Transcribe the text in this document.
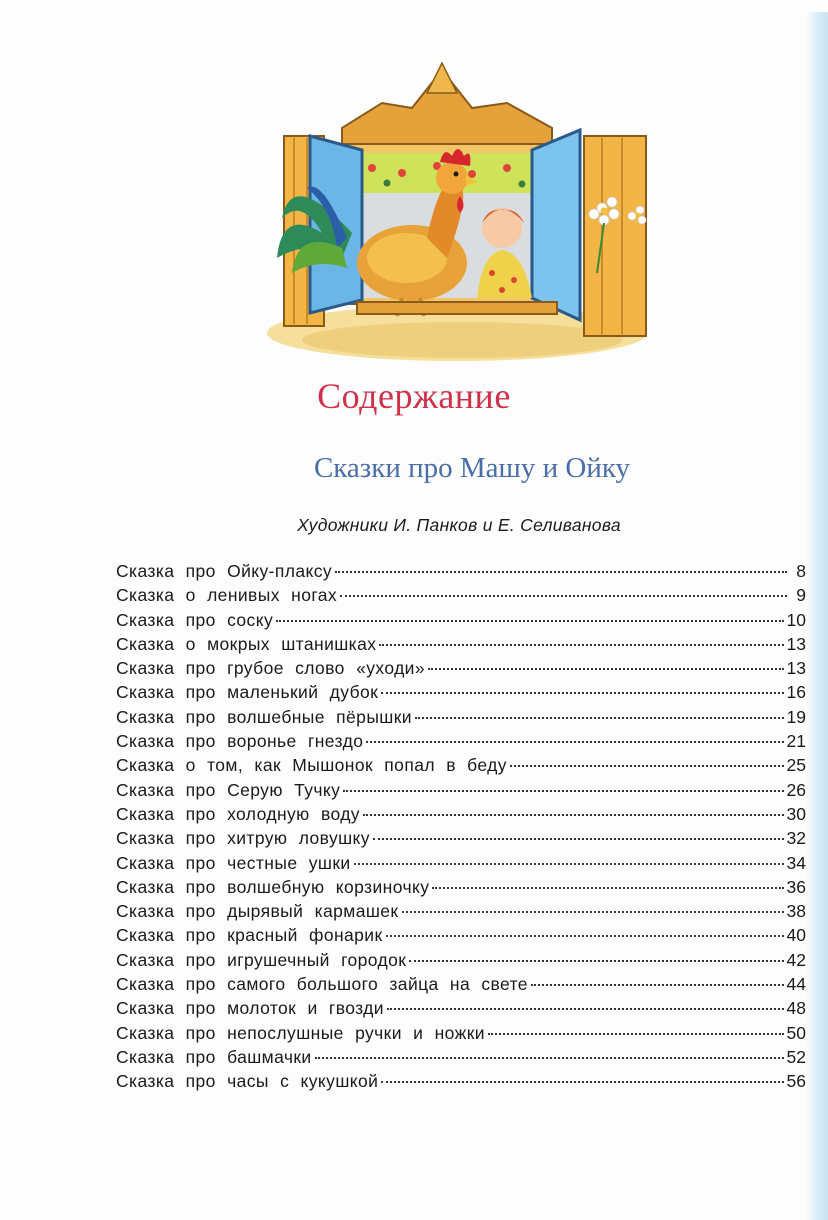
Содержание
Сказки про Машу и Ойку
Художники И. Панков и Е. Селиванова
Сказка про Ойку-плаксу	8
Сказка о ленивых ногах	9
Сказка про соску	10
Сказка о мокрых штанишках	13
Сказка про грубое слово «уходи»	13
Сказка про маленький дубок	16
Сказка про волшебные пёрышки	19
Сказка про воронье гнездо	21
Сказка о том, как Мышонок попал в беду	25
Сказка про Серую Тучку	26
Сказка про холодную воду	30
Сказка про хитрую ловушку	32
Сказка про честные ушки	34
Сказка про волшебную корзиночку	36
Сказка про дырявый кармашек	38
Сказка про красный фонарик	40
Сказка про игрушечный городок	42
Сказка про самого большого зайца на свете	44
Сказка про молоток и гвозди	48
Сказка про непослушные ручки и ножки	50
Сказка про башмачки	52
Сказка про часы с кукушкой	56
